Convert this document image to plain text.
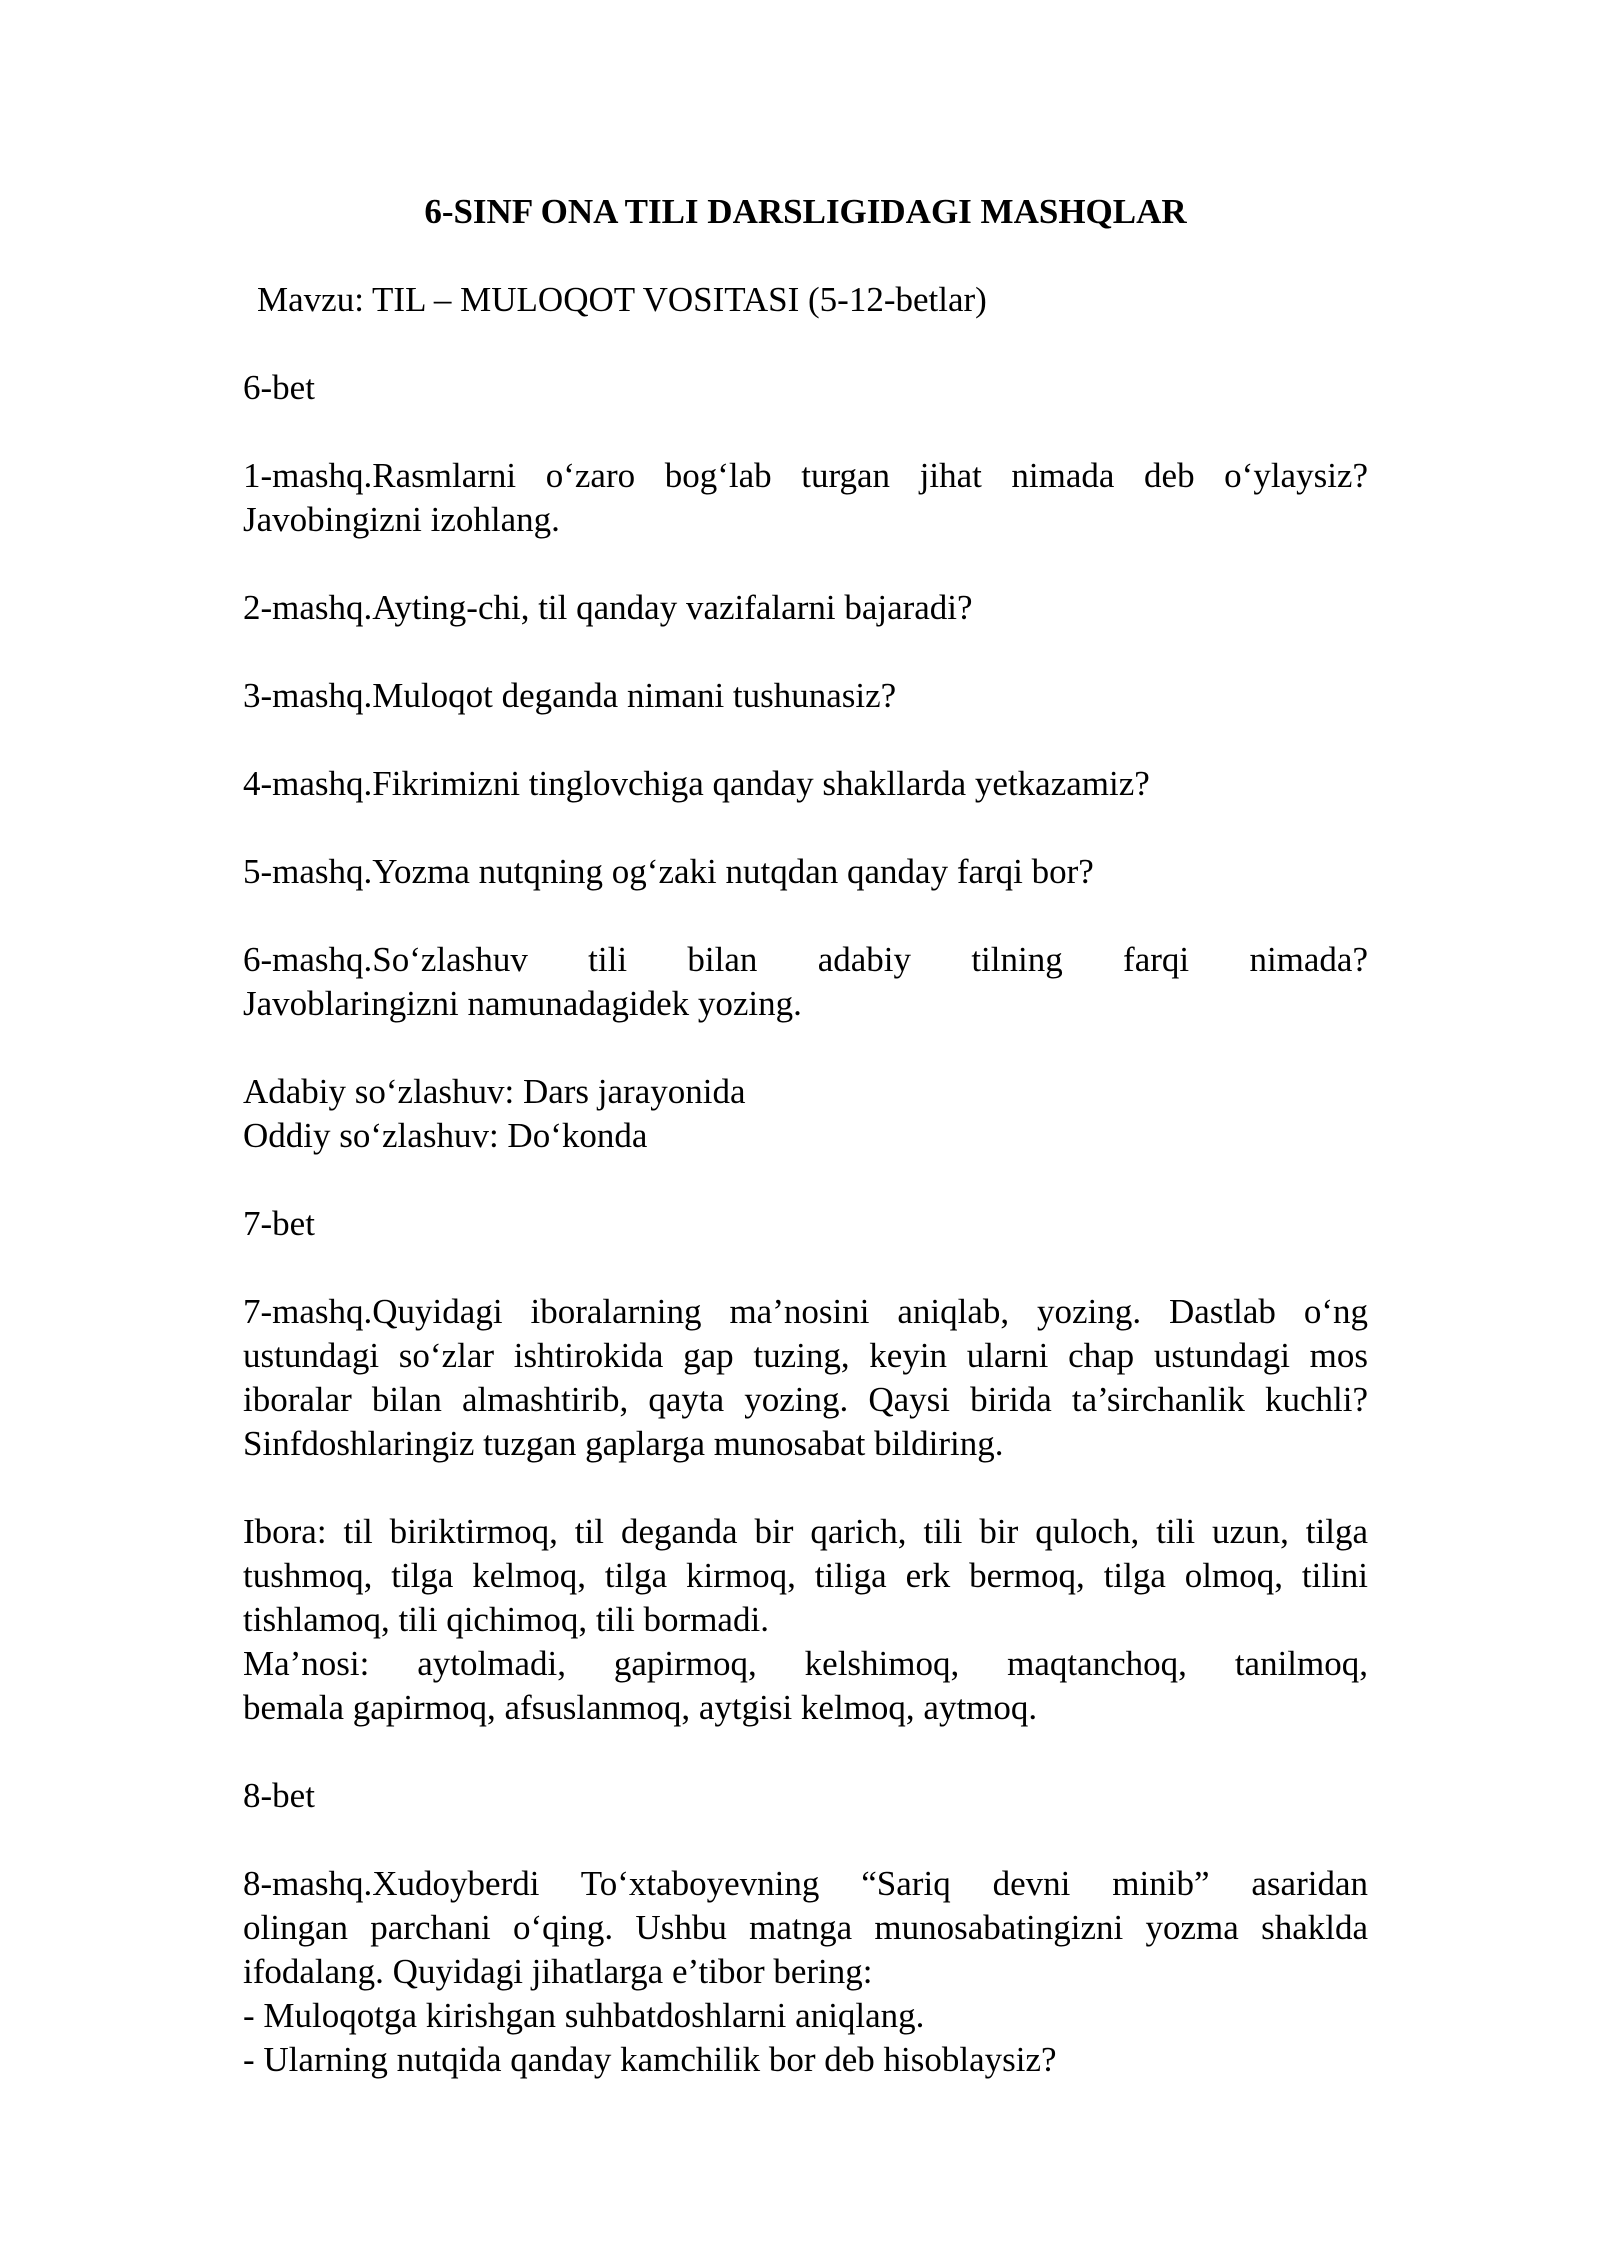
6-SINF ONA TILI DARSLIGIDAGI MASHQLAR

Mavzu: TIL – MULOQOT VOSITASI (5-12-betlar)

6-bet

1-mashq.Rasmlarni o‘zaro bog‘lab turgan jihat nimada deb o‘ylaysiz?
Javobingizni izohlang.

2-mashq.Ayting-chi, til qanday vazifalarni bajaradi?

3-mashq.Muloqot deganda nimani tushunasiz?

4-mashq.Fikrimizni tinglovchiga qanday shakllarda yetkazamiz?

5-mashq.Yozma nutqning og‘zaki nutqdan qanday farqi bor?

6-mashq.So‘zlashuv tili bilan adabiy tilning farqi nimada?
Javoblaringizni namunadagidek yozing.

Adabiy so‘zlashuv: Dars jarayonida
Oddiy so‘zlashuv: Do‘konda

7-bet

7-mashq.Quyidagi iboralarning ma’nosini aniqlab, yozing. Dastlab o‘ng
ustundagi so‘zlar ishtirokida gap tuzing, keyin ularni chap ustundagi mos
iboralar bilan almashtirib, qayta yozing. Qaysi birida ta’sirchanlik kuchli?
Sinfdoshlaringiz tuzgan gaplarga munosabat bildiring.

Ibora: til biriktirmoq, til deganda bir qarich, tili bir quloch, tili uzun, tilga
tushmoq, tilga kelmoq, tilga kirmoq, tiliga erk bermoq, tilga olmoq, tilini
tishlamoq, tili qichimoq, tili bormadi.
Ma’nosi: aytolmadi, gapirmoq, kelshimoq, maqtanchoq, tanilmoq,
bemala gapirmoq, afsuslanmoq, aytgisi kelmoq, aytmoq.

8-bet

8-mashq.Xudoyberdi To‘xtaboyevning “Sariq devni minib” asaridan
olingan parchani o‘qing. Ushbu matnga munosabatingizni yozma shaklda
ifodalang. Quyidagi jihatlarga e’tibor bering:
- Muloqotga kirishgan suhbatdoshlarni aniqlang.
- Ularning nutqida qanday kamchilik bor deb hisoblaysiz?
